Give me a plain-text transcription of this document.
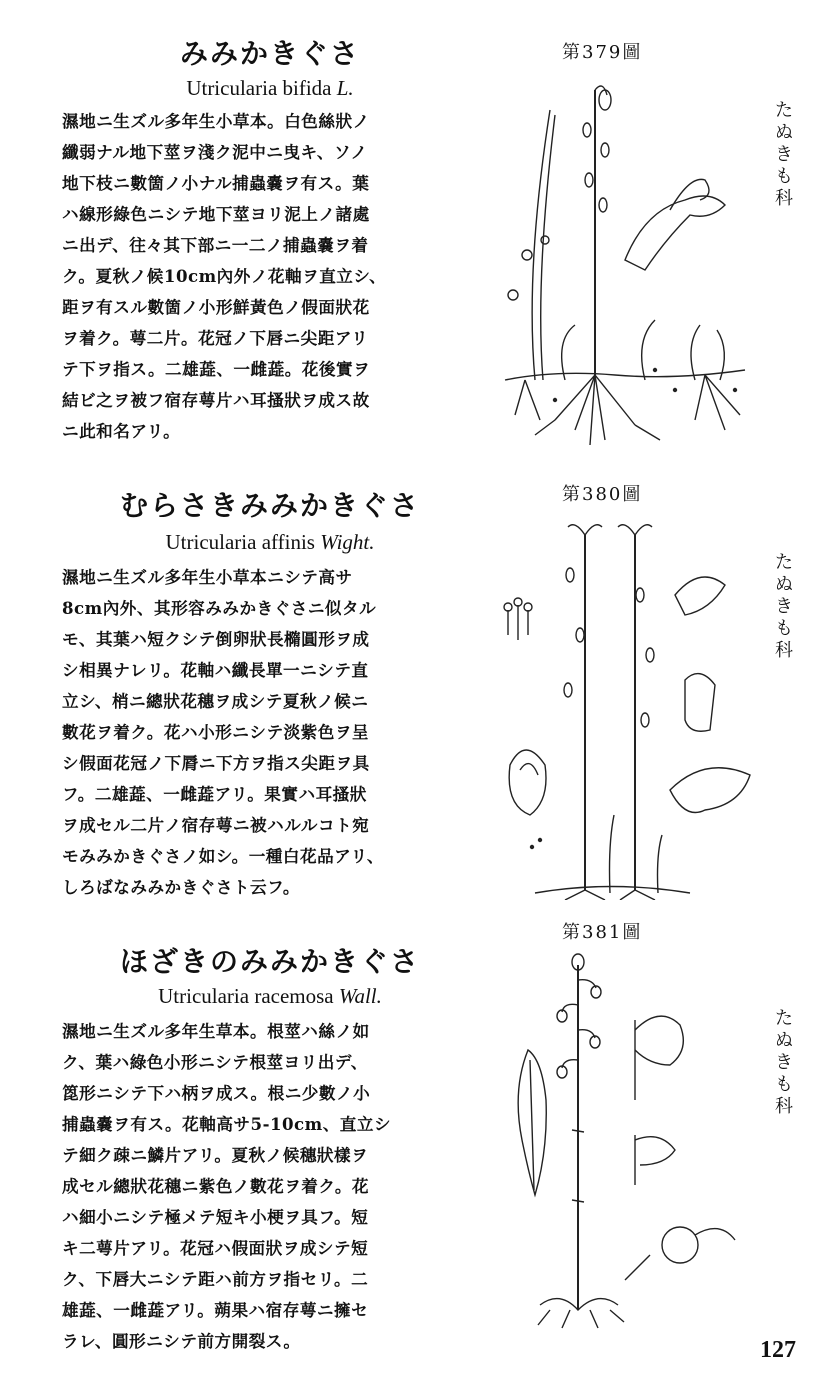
みみかきぐさ
Utricularia bifida L.

濕地ニ生ズル多年生小草本。白色絲狀ノ
纖弱ナル地下莖ヲ淺ク泥中ニ曳キ、ソノ
地下枝ニ數箇ノ小ナル捕蟲嚢ヲ有ス。葉
ハ線形綠色ニシテ地下莖ヨリ泥上ノ諸處
ニ出デ、往々其下部ニ一二ノ捕蟲嚢ヲ着
ク。夏秋ノ候10cm內外ノ花軸ヲ直立シ、
距ヲ有スル數箇ノ小形鮮黃色ノ假面狀花
ヲ着ク。萼二片。花冠ノ下唇ニ尖距アリ
テ下ヲ指ス。二雄蕋、一雌蕋。花後實ヲ
結ビ之ヲ被フ宿存萼片ハ耳搔狀ヲ成ス故
ニ此和名アリ。

第379圖
たぬきも科
むらさきみみかきぐさ
Utricularia affinis Wight.

濕地ニ生ズル多年生小草本ニシテ高サ
8cm內外、其形容みみかきぐさニ似タル
モ、其葉ハ短クシテ倒卵狀長橢圓形ヲ成
シ相異ナレリ。花軸ハ纖長單一ニシテ直
立シ、梢ニ總狀花穗ヲ成シテ夏秋ノ候ニ
數花ヲ着ク。花ハ小形ニシテ淡紫色ヲ呈
シ假面花冠ノ下脣ニ下方ヲ指ス尖距ヲ具
フ。二雄蕋、一雌蕋アリ。果實ハ耳搔狀
ヲ成セル二片ノ宿存萼ニ被ハルルコト宛
モみみかきぐさノ如シ。一種白花品アリ、
しろばなみみかきぐさト云フ。

第380圖
たぬきも科
ほざきのみみかきぐさ
Utricularia racemosa Wall.

濕地ニ生ズル多年生草本。根莖ハ絲ノ如
ク、葉ハ綠色小形ニシテ根莖ヨリ出デ、
箆形ニシテ下ハ柄ヲ成ス。根ニ少數ノ小
捕蟲嚢ヲ有ス。花軸高サ5-10cm、直立シ
テ細ク疎ニ鱗片アリ。夏秋ノ候穗狀樣ヲ
成セル總狀花穗ニ紫色ノ數花ヲ着ク。花
ハ細小ニシテ極メテ短キ小梗ヲ具フ。短
キ二萼片アリ。花冠ハ假面狀ヲ成シテ短
ク、下唇大ニシテ距ハ前方ヲ指セリ。二
雄蕋、一雌蕋アリ。蒴果ハ宿存萼ニ擁セ
ラレ、圓形ニシテ前方開裂ス。

第381圖
たぬきも科
127
